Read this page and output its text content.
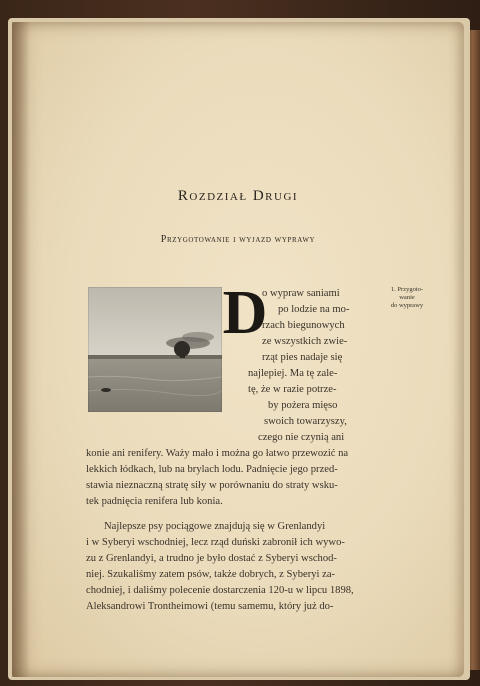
Rozdział Drugi
Przygotowanie i wyjazd wyprawy
D	1. Przygoto-
wanie
do wyprawy
o wypraw saniami
po lodzie na mo-
rzach biegunowych
ze wszystkich zwie-
rząt pies nadaje się
najlepiej. Ma tę zale-
tę, że w razie potrze-
by pożera mięso
swoich towarzyszy,
czego nie czynią ani
konie ani renifery. Waży mało i można go łatwo przewozić na
lekkich łódkach, lub na brylach lodu. Padnięcie jego przed-
stawia nieznaczną stratę siły w porównaniu do straty wsku-
tek padnięcia renifera lub konia.
Najlepsze psy pociągowe znajdują się w Grenlandyi
i w Syberyi wschodniej, lecz rząd duński zabronił ich wywo-
zu z Grenlandyi, a trudno je było dostać z Syberyi wschod-
niej. Szukaliśmy zatem psów, także dobrych, z Syberyi za-
chodniej, i daliśmy polecenie dostarczenia 120-u w lipcu 1898,
Aleksandrowi Trontheimowi (temu samemu, który już do-
